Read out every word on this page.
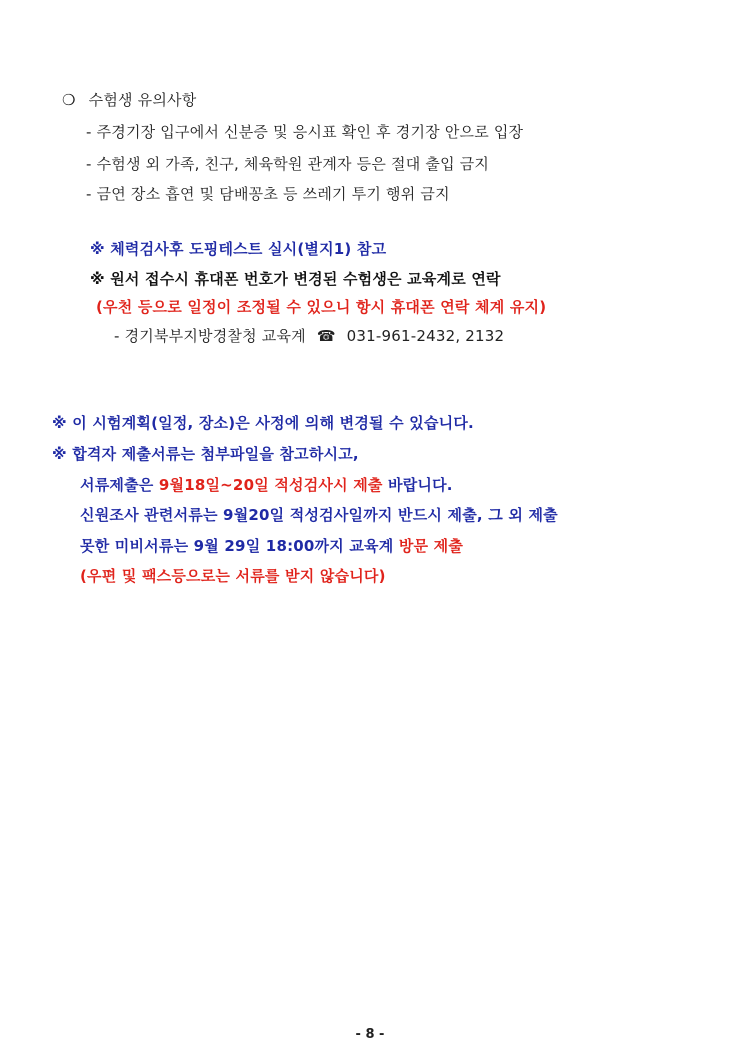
❍ 수험생 유의사항
- 주경기장 입구에서 신분증 및 응시표 확인 후 경기장 안으로 입장
- 수험생 외 가족, 친구, 체육학원 관계자 등은 절대 출입 금지
- 금연 장소 흡연 및 담배꽁초 등 쓰레기 투기 행위 금지
※ 체력검사후 도핑테스트 실시(별지1) 참고
※ 원서 접수시 휴대폰 번호가 변경된 수험생은 교육계로 연락
(우천 등으로 일정이 조정될 수 있으니 항시 휴대폰 연락 체계 유지)
- 경기북부지방경찰청 교육계 ☎ 031-961-2432, 2132
※ 이 시험계획(일정, 장소)은 사정에 의해 변경될 수 있습니다.
※ 합격자 제출서류는 첨부파일을 참고하시고,
서류제출은 9월18일~20일 적성검사시 제출 바랍니다.
신원조사 관련서류는 9월20일 적성검사일까지 반드시 제출, 그 외 제출
못한 미비서류는 9월 29일 18:00까지 교육계 방문 제출
(우편 및 팩스등으로는 서류를 받지 않습니다)
- 8 -
